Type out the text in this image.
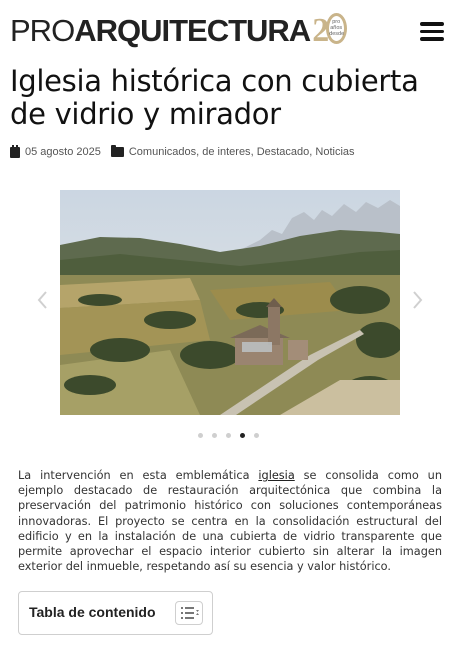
PRO ARQUITECTURA 2 pro años desde
Iglesia histórica con cubierta de vidrio y mirador
05 agosto 2025	Comunicados, de interes, Destacado, Noticias

La intervención en esta emblemática iglesia se consolida como un ejemplo destacado de restauración arquitectónica que combina la preservación del patrimonio histórico con soluciones contemporáneas innovadoras. El proyecto se centra en la consolidación estructural del edificio y en la instalación de una cubierta de vidrio transparente que permite aprovechar el espacio interior cubierto sin alterar la imagen exterior del inmueble, respetando así su esencia y valor histórico.

Tabla de contenido
